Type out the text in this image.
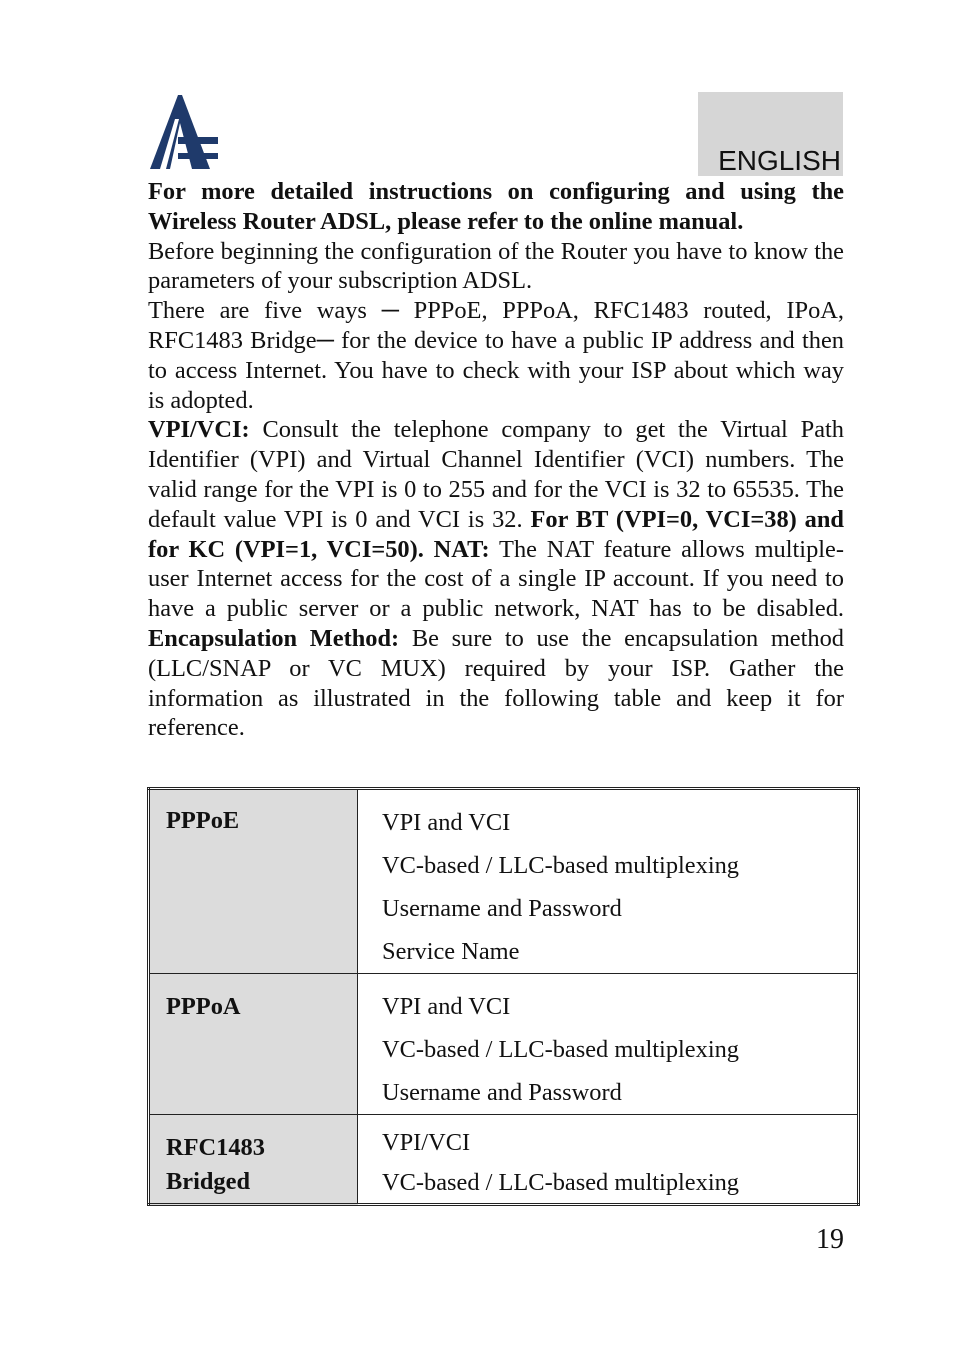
ENGLISH

For more detailed instructions on configuring and using the Wireless Router ADSL, please refer to the online manual.

Before beginning the configuration of the Router you have to know the parameters of your subscription ADSL.

There are five ways ─ PPPoE, PPPoA, RFC1483 routed, IPoA, RFC1483 Bridge─ for the device to have a public IP address and then to access Internet. You have to check with your ISP about which way is adopted.

VPI/VCI: Consult the telephone company to get the Virtual Path Identifier (VPI) and Virtual Channel Identifier (VCI) numbers. The valid range for the VPI is 0 to 255 and for the VCI is 32 to 65535. The default value VPI is 0 and VCI is 32. For BT (VPI=0, VCI=38) and for KC (VPI=1, VCI=50). NAT: The NAT feature allows multiple-user Internet access for the cost of a single IP account. If you need to have a public server or a public network, NAT has to be disabled. Encapsulation Method: Be sure to use the encapsulation method (LLC/SNAP or VC MUX) required by your ISP. Gather the information as illustrated in the following table and keep it for reference.

PPPoE	VPI and VCI
VC-based / LLC-based multiplexing
Username and Password
Service Name

PPPoA	VPI and VCI
VC-based / LLC-based multiplexing
Username and Password

RFC1483
Bridged	VPI/VCI
VC-based / LLC-based multiplexing
19
